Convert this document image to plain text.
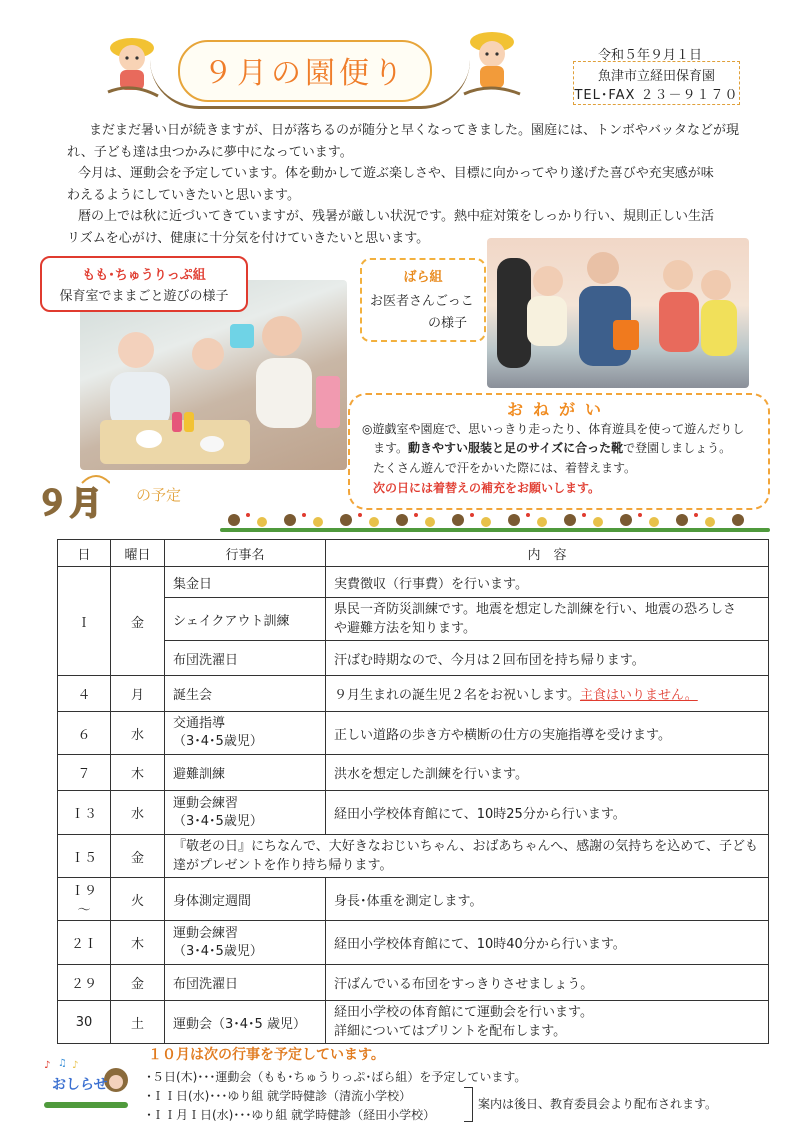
９月の園便り
令和５年９月１日
魚津市立経田保育園
TEL･FAX ２３－９１７０
まだまだ暑い日が続きますが、日が落ちるのが随分と早くなってきました。園庭には、トンボやバッタなどが現
れ、子ども達は虫つかみに夢中になっています。
今月は、運動会を予定しています。体を動かして遊ぶ楽しさや、目標に向かってやり遂げた喜びや充実感が味
わえるようにしていきたいと思います。
暦の上では秋に近づいてきていますが、残暑が厳しい状況です。熱中症対策をしっかり行い、規則正しい生活
リズムを心がけ、健康に十分気を付けていきたいと思います。
もも･ちゅうりっぷ組
保育室でままごと遊びの様子
ばら組
お医者さんごっこ
の様子
おねがい
◎遊戯室や園庭で、思いっきり走ったり、体育遊具を使って遊んだりし
ます。動きやすい服装と足のサイズに合った靴で登園しましょう。
たくさん遊んで汗をかいた際には、着替えます。
次の日には着替えの補充をお願いします。
９月 の予定
日	曜日	行事名	内　容
Ｉ	金	集金日	実費徴収（行事費）を行います。
		シェイクアウト訓練	県民一斉防災訓練です。地震を想定した訓練を行い、地震の恐ろしさ
や避難方法を知ります。

		布団洗濯日	汗ばむ時期なので、今月は２回布団を持ち帰ります。
４	月	誕生会	９月生まれの誕生児２名をお祝いします。主食はいりません。
６	水	交通指導
（3･4･5歳児）	正しい道路の歩き方や横断の仕方の実施指導を受けます。
７	木	避難訓練	洪水を想定した訓練を行います。
Ｉ３	水	運動会練習
（3･4･5歳児）	経田小学校体育館にて、10時25分から行います。
Ｉ５	金	『敬老の日』にちなんで、大好きなおじいちゃん、おばあちゃんへ、感謝の気持ちを込めて、子ども
達がプレゼントを作り持ち帰ります。	

Ｉ９～	火	身体測定週間	身長･体重を測定します。
２Ｉ	木	運動会練習
（3･4･5歳児）	経田小学校体育館にて、10時40分から行います。
２９	金	布団洗濯日	汗ばんでいる布団をすっきりさせましょう。
30	土	運動会（3･4･5 歳児）	経田小学校の体育館にて運動会を行います。
詳細についてはプリントを配布します。
１０月は次の行事を予定しています。
♪ ♫ ♪
おしらせ	･５日(木)･･･運動会（もも･ちゅうりっぷ･ばら組）を予定しています。
･ＩＩ日(水)･･･ゆり組 就学時健診（清流小学校）
･ＩＩ月Ｉ日(水)･･･ゆり組 就学時健診（経田小学校）
案内は後日、教育委員会より配布されます。
